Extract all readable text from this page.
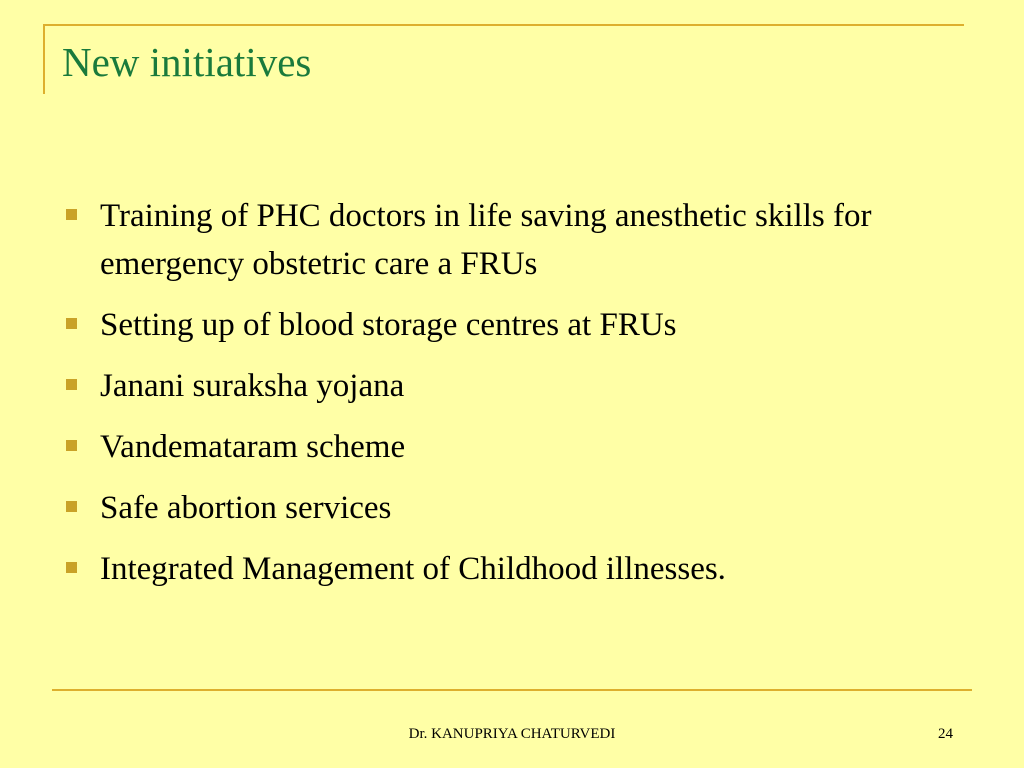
New initiatives
Training of PHC doctors in life saving anesthetic skills for emergency obstetric care a FRUs
Setting up of blood storage centres at FRUs
Janani suraksha yojana
Vandemataram scheme
Safe abortion services
Integrated Management of Childhood illnesses.
Dr. KANUPRIYA CHATURVEDI	24
